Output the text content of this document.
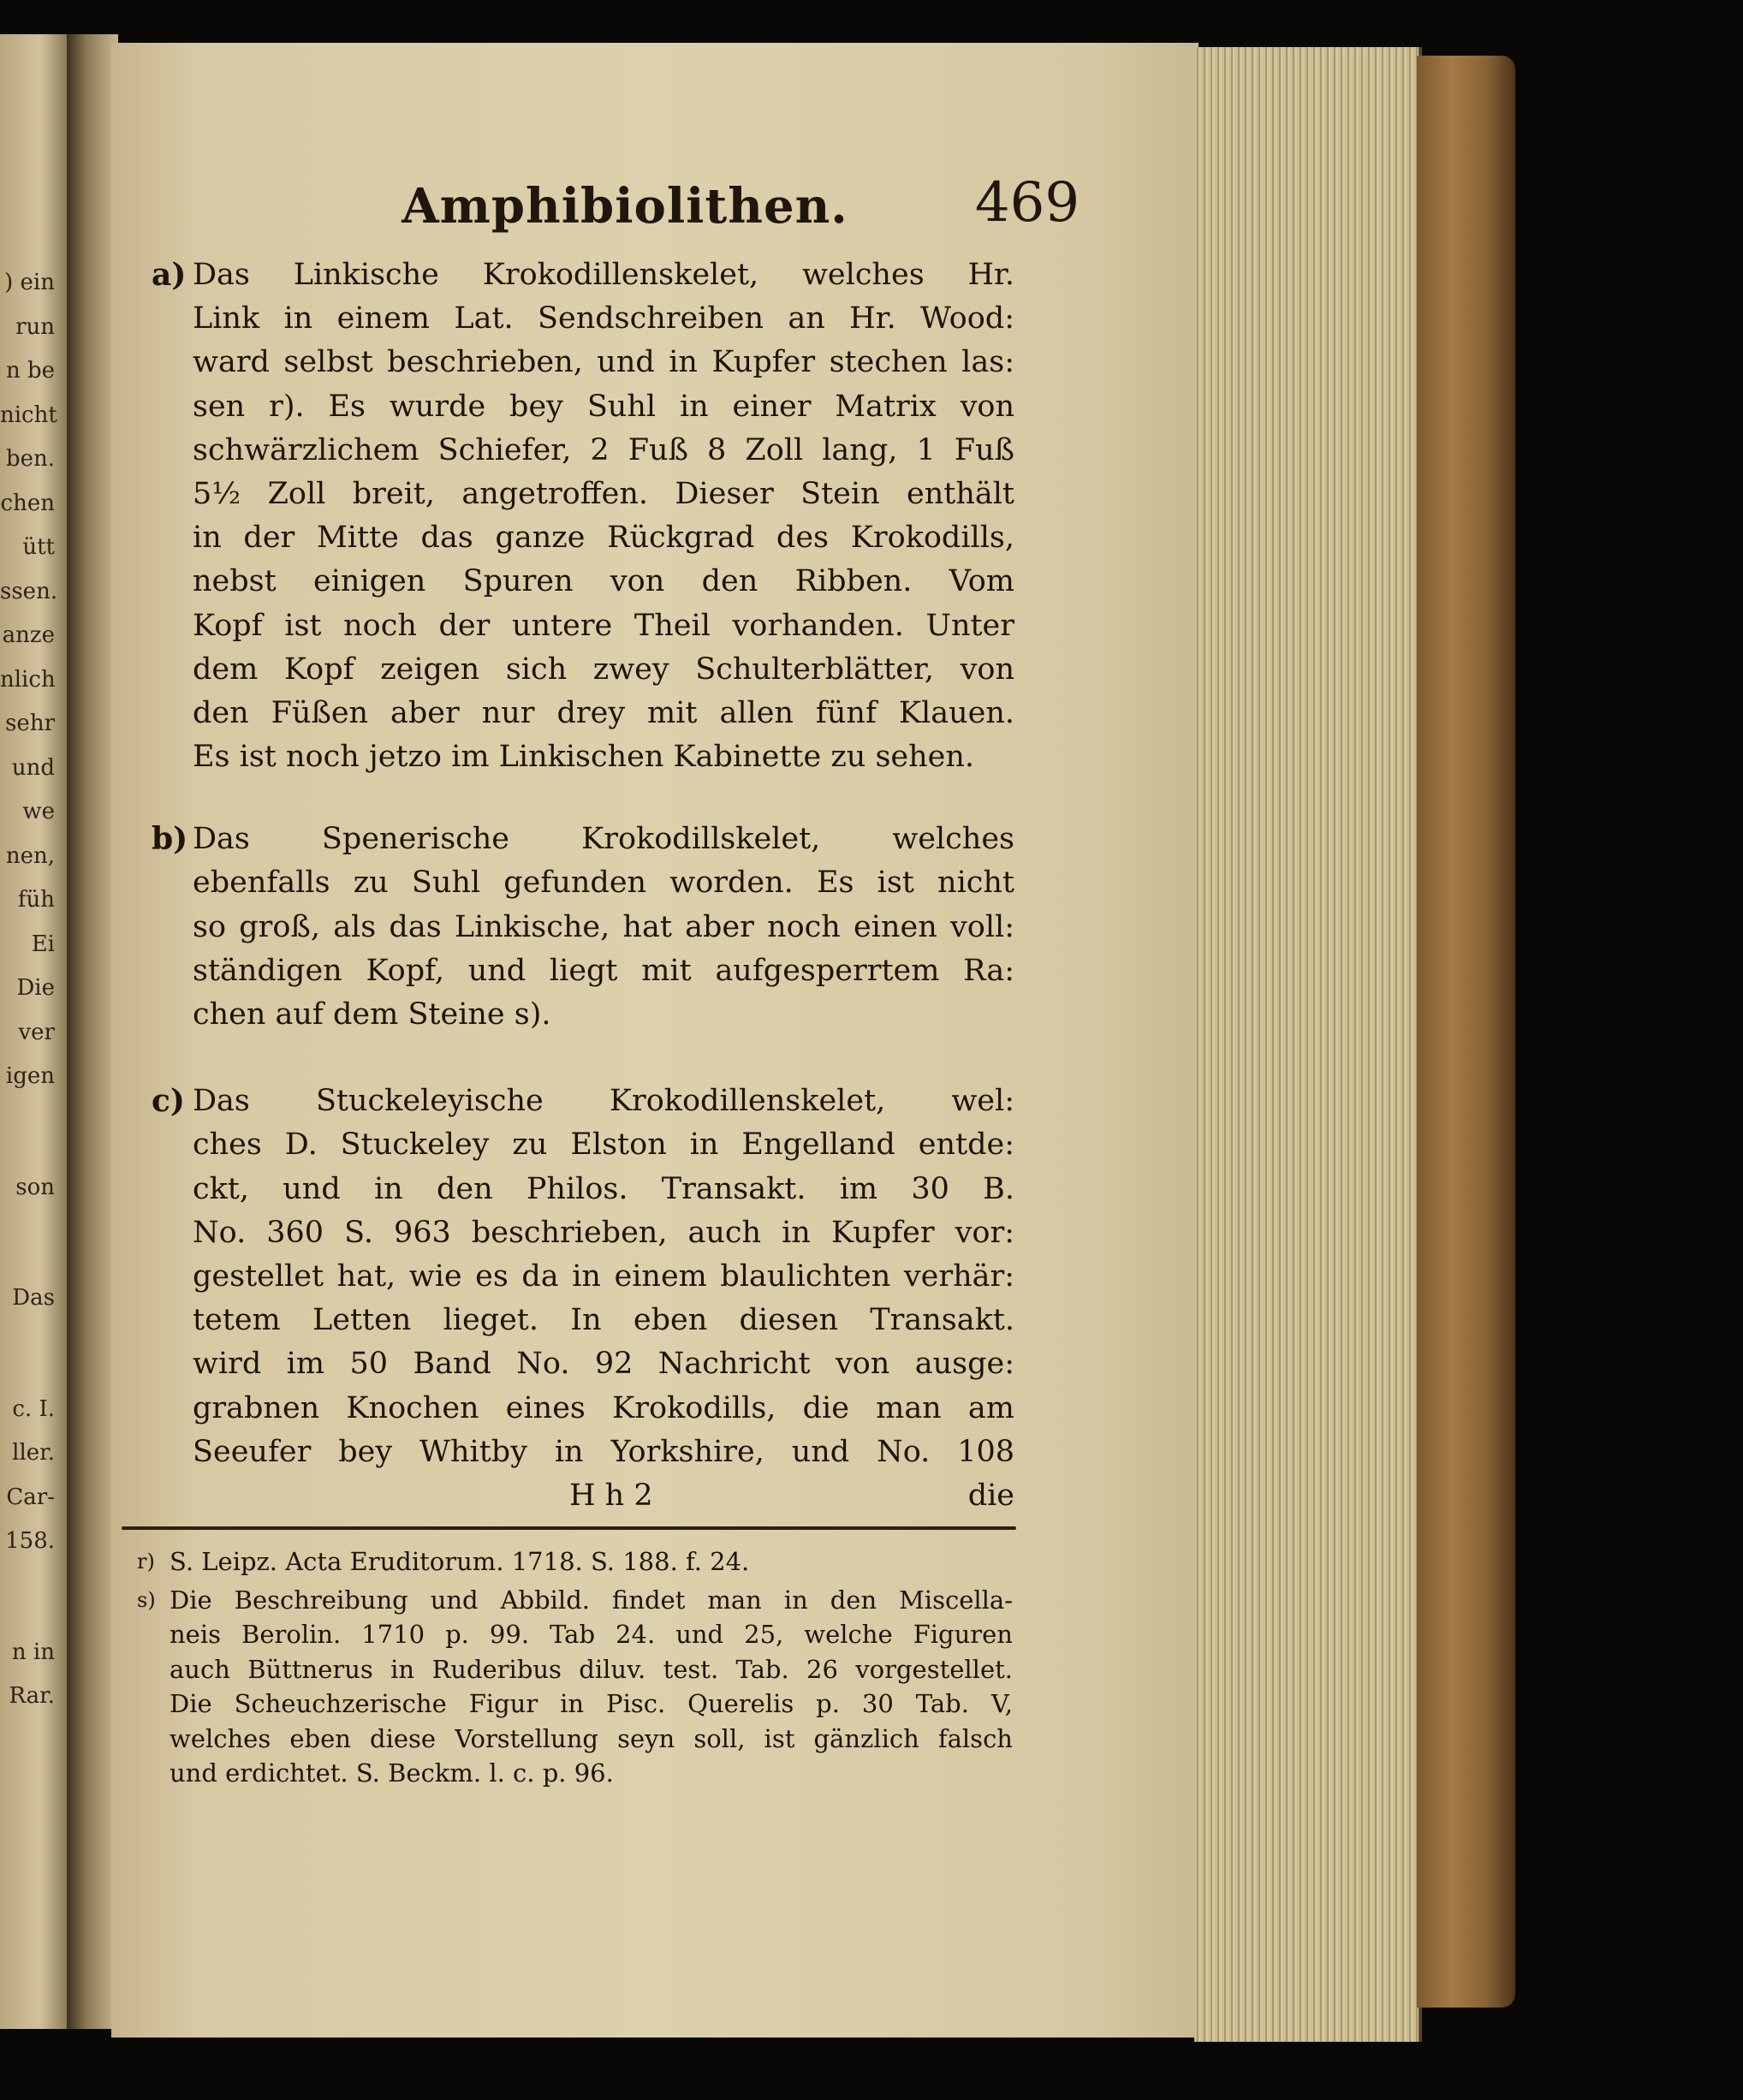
) ein
run
n be
nicht
ben.
chen
ütt
ssen.
anze
nlich
sehr
und
we
nen,
füh
Ei
Die
ver
igen
son
Das
c. I.
ller.
Car-
158.
n in
Rar.
Amphibiolithen.	469
a) Das Linkische Krokodillenskelet, welches Hr.
Link in einem Lat. Sendschreiben an Hr. Wood:
ward selbst beschrieben, und in Kupfer stechen las:
sen r). Es wurde bey Suhl in einer Matrix von
schwärzlichem Schiefer, 2 Fuß 8 Zoll lang, 1 Fuß
5½ Zoll breit, angetroffen. Dieser Stein enthält
in der Mitte das ganze Rückgrad des Krokodills,
nebst einigen Spuren von den Ribben. Vom
Kopf ist noch der untere Theil vorhanden. Unter
dem Kopf zeigen sich zwey Schulterblätter, von
den Füßen aber nur drey mit allen fünf Klauen.
Es ist noch jetzo im Linkischen Kabinette zu sehen.
b) Das Spenerische Krokodillskelet, welches
ebenfalls zu Suhl gefunden worden. Es ist nicht
so groß, als das Linkische, hat aber noch einen voll:
ständigen Kopf, und liegt mit aufgesperrtem Ra:
chen auf dem Steine s).
c) Das Stuckeleyische Krokodillenskelet, wel:
ches D. Stuckeley zu Elston in Engelland entde:
ckt, und in den Philos. Transakt. im 30 B.
No. 360 S. 963 beschrieben, auch in Kupfer vor:
gestellet hat, wie es da in einem blaulichten verhär:
tetem Letten lieget. In eben diesen Transakt.
wird im 50 Band No. 92 Nachricht von ausge:
grabnen Knochen eines Krokodills, die man am
Seeufer bey Whitby in Yorkshire, und No. 108
H h 2	die
r) S. Leipz. Acta Eruditorum. 1718. S. 188. f. 24.
s) Die Beschreibung und Abbild. findet man in den Miscella-
neis Berolin. 1710 p. 99. Tab 24. und 25, welche Figuren
auch Büttnerus in Ruderibus diluv. test. Tab. 26 vorgestellet.
Die Scheuchzerische Figur in Pisc. Querelis p. 30 Tab. V,
welches eben diese Vorstellung seyn soll, ist gänzlich falsch
und erdichtet. S. Beckm. l. c. p. 96.
